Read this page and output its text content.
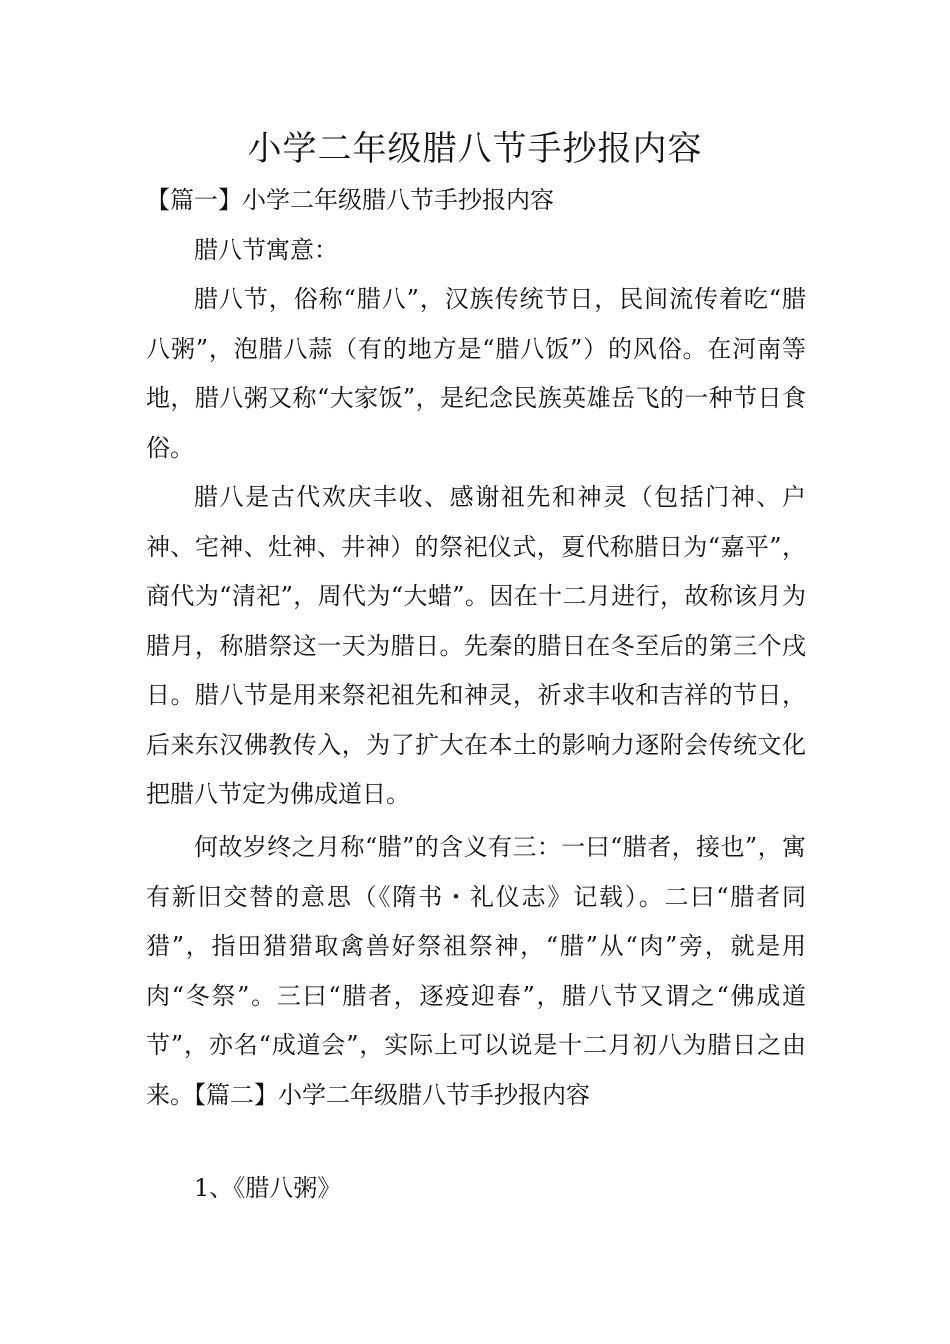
小学二年级腊八节手抄报内容

【篇一】小学二年级腊八节手抄报内容

腊八节寓意：

腊八节，俗称“腊八”，汉族传统节日，民间流传着吃“腊八粥”，泡腊八蒜（有的地方是“腊八饭”）的风俗。在河南等地，腊八粥又称“大家饭”，是纪念民族英雄岳飞的一种节日食俗。

腊八是古代欢庆丰收、感谢祖先和神灵（包括门神、户神、宅神、灶神、井神）的祭祀仪式，夏代称腊日为“嘉平”，商代为“清祀”，周代为“大蜡”。因在十二月进行，故称该月为腊月，称腊祭这一天为腊日。先秦的腊日在冬至后的第三个戌日。腊八节是用来祭祀祖先和神灵，祈求丰收和吉祥的节日，后来东汉佛教传入，为了扩大在本土的影响力逐附会传统文化把腊八节定为佛成道日。

何故岁终之月称“腊”的含义有三：一曰“腊者，接也”，寓有新旧交替的意思（《隋书・礼仪志》记载）。二曰“腊者同猎”，指田猎猎取禽兽好祭祖祭神，“腊”从“肉”旁，就是用肉“冬祭”。三曰“腊者，逐疫迎春”，腊八节又谓之“佛成道节”，亦名“成道会”，实际上可以说是十二月初八为腊日之由来。【篇二】小学二年级腊八节手抄报内容

1、《腊八粥》
